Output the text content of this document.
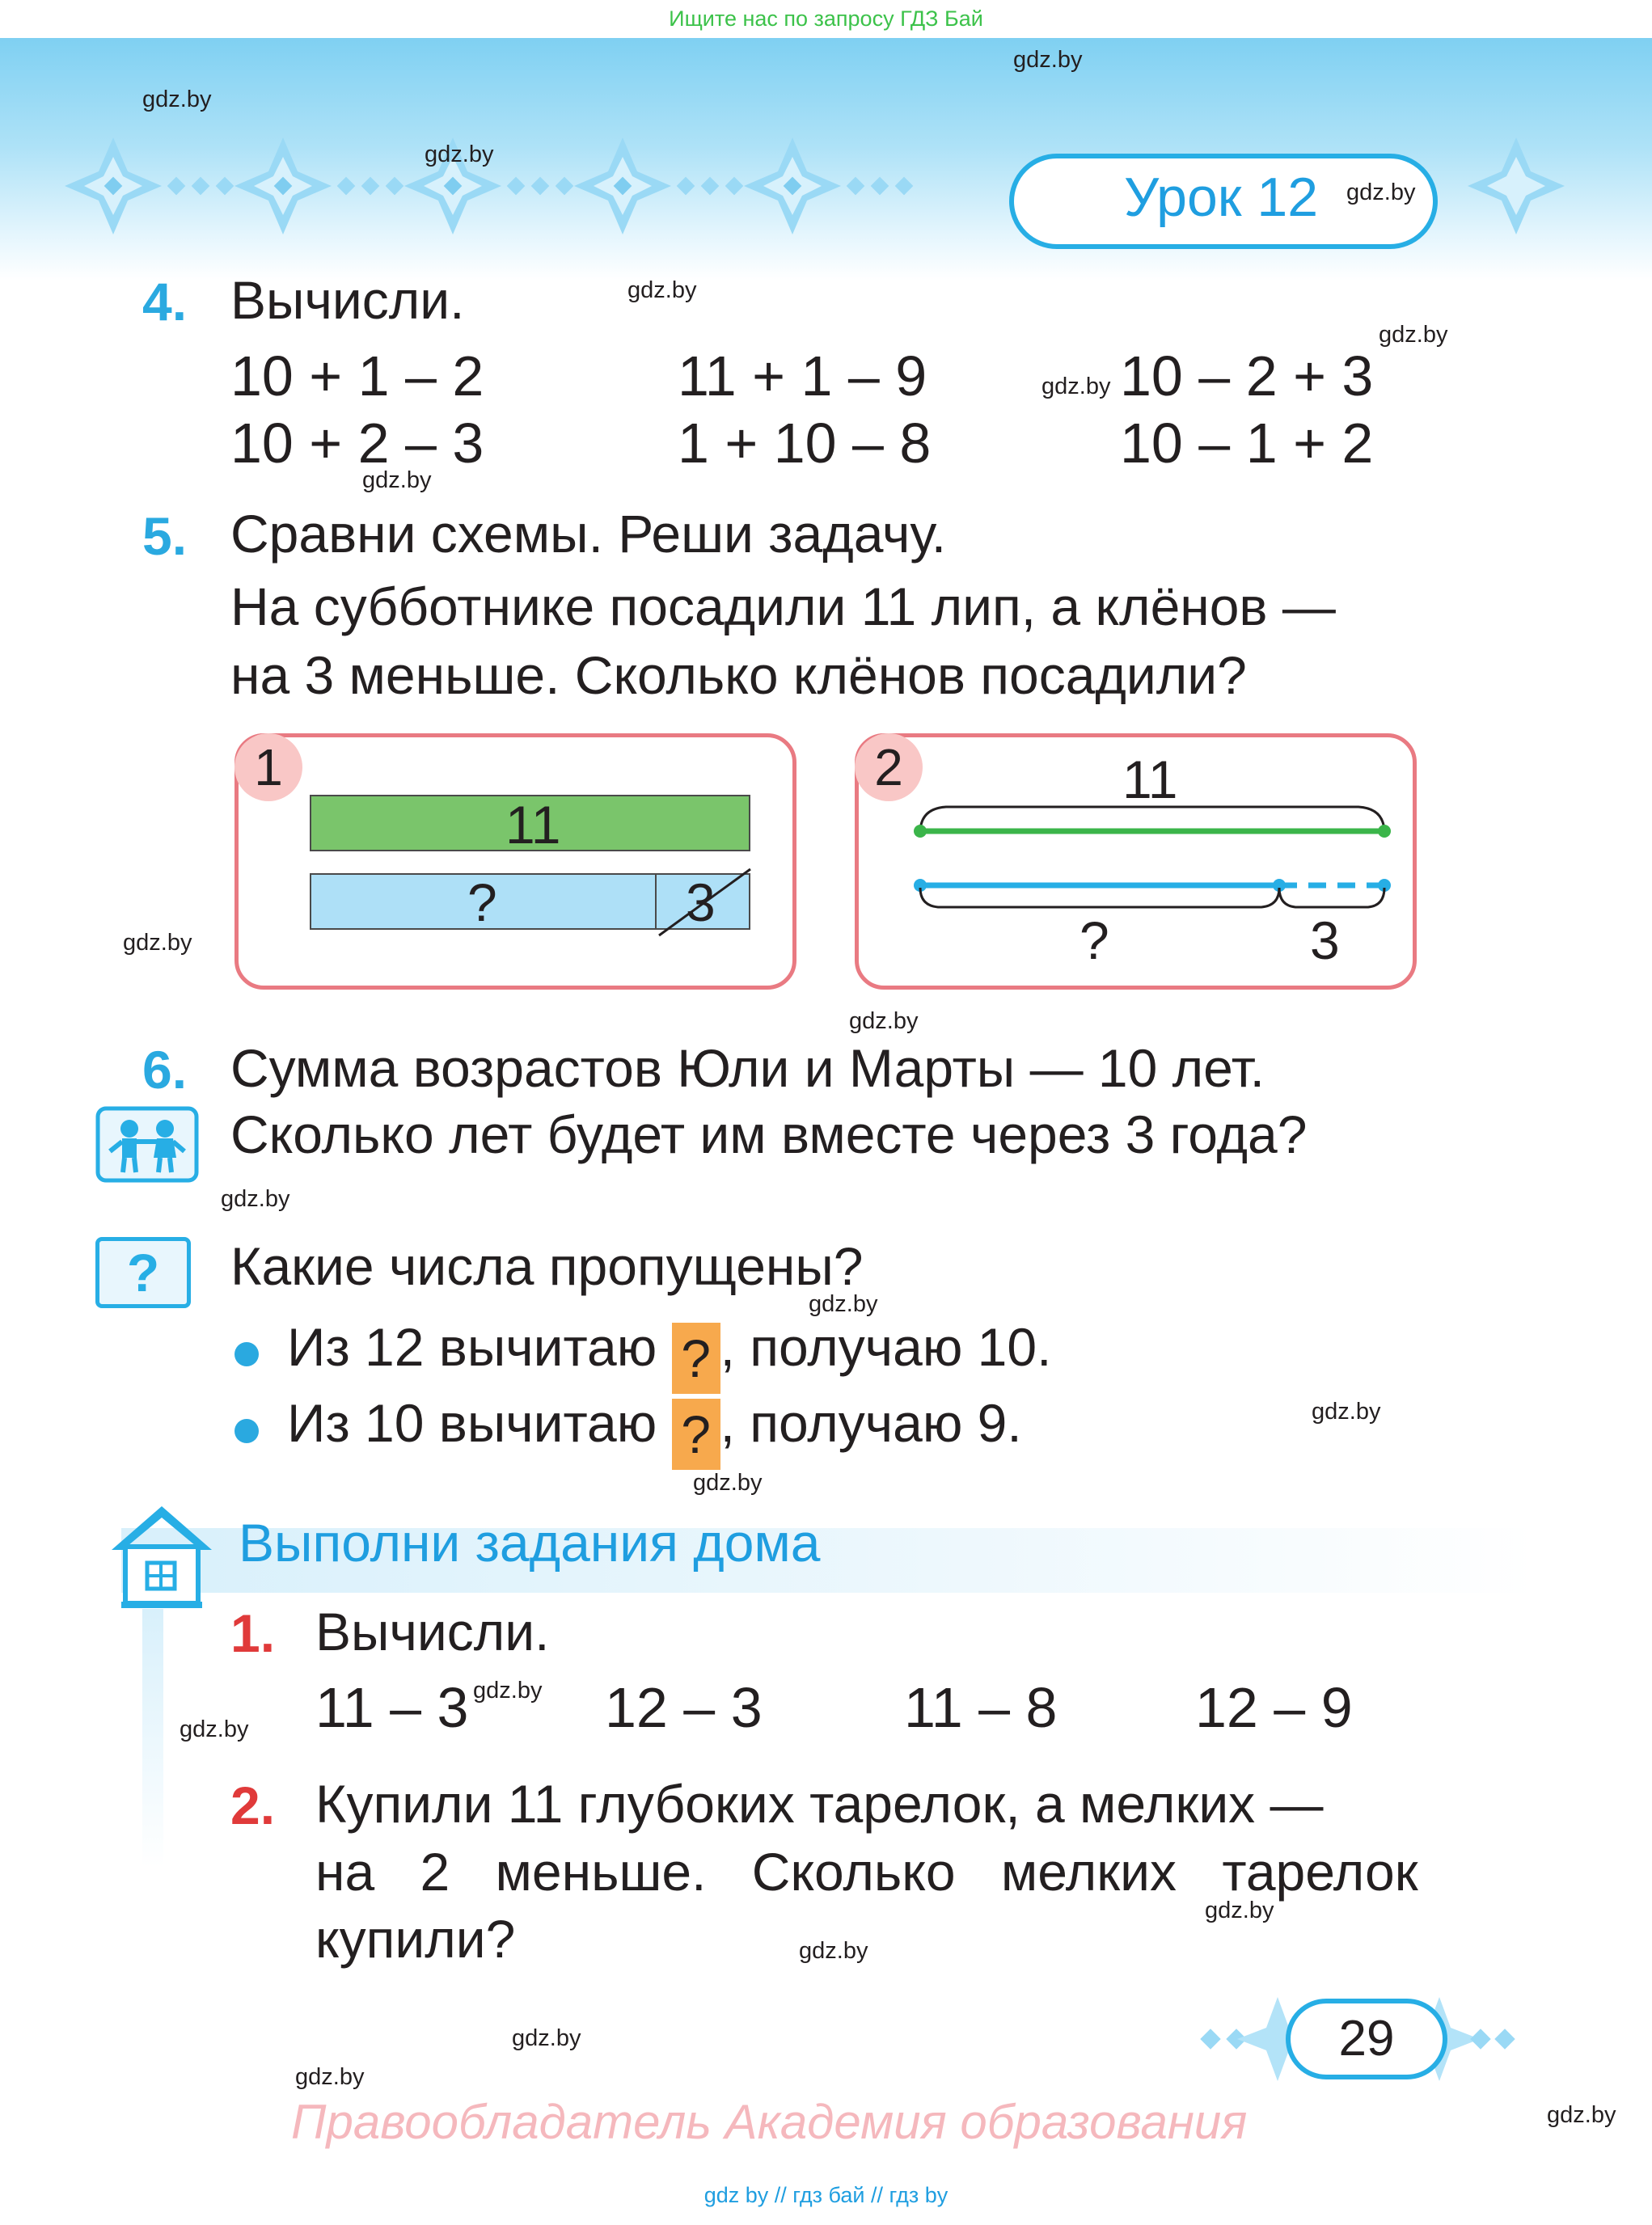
Ищите нас по запросу ГДЗ Бай
Урок 12
gdz.by
gdz.by
gdz.by
gdz.by
gdz.by
gdz.by
gdz.by
gdz.by
gdz.by
gdz.by
gdz.by
gdz.by
gdz.by
gdz.by
gdz.by
gdz.by
gdz.by
gdz.by
gdz.by
gdz.by
gdz.by
4. Вычисли.
10 + 1 – 2	11 + 1 – 9	10 – 2 + 3
10 + 2 – 3	1 + 10 – 8	10 – 1 + 2
5. Сравни схемы. Реши задачу.
На субботнике посадили 11 лип, а клёнов —
на 3 меньше. Сколько клёнов посадили?
1
11
?	3
2	11
?	3
6. Сумма возрастов Юли и Марты — 10 лет.
Сколько лет будет им вместе через 3 года?
?	Какие числа пропущены?
Из 12 вычитаю ? , получаю 10.
Из 10 вычитаю ? , получаю 9.
Выполни задания дома
1. Вычисли.
11 – 3 12 – 3	11 – 8 12 – 9
2. Купили 11 глубоких тарелок, а мелких —
на 2 меньше. Сколько мелких тарелок
купили?
29
Правообладатель Академия образования
gdz by // гдз бай // гдз by
